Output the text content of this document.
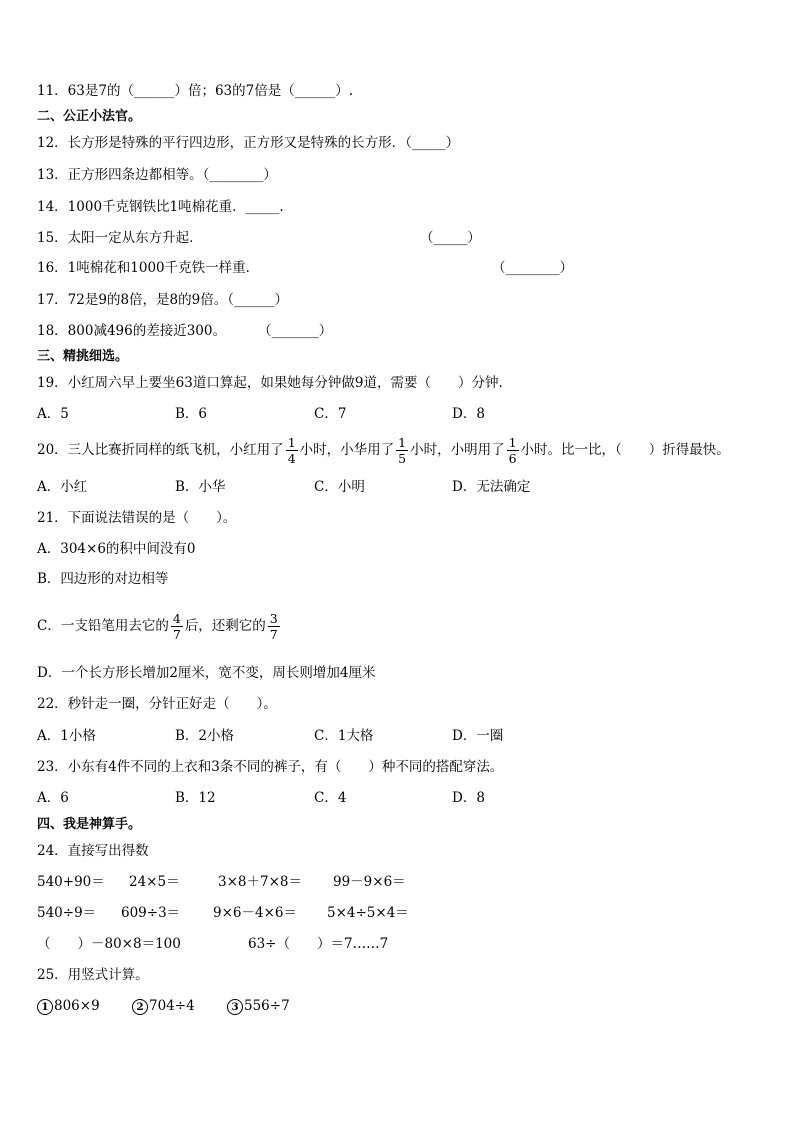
11．63是7的（______）倍；63的7倍是（______）.
二、公正小法官。
12．长方形是特殊的平行四边形，正方形又是特殊的长方形．（_____）
13．正方形四条边都相等。（________）
14．1000千克钢铁比1吨棉花重．_____.
15．太阳一定从东方升起．	（_____）
16．1吨棉花和1000千克铁一样重．	（________）
17．72是9的8倍，是8的9倍。（______）
18．800减496的差接近300。 （_______）
三、精挑细选。
19．小红周六早上要坐63道口算起，如果她每分钟做9道，需要（　　）分钟．
A．5	B．6	C．7	D．8
20．三人比赛折同样的纸飞机，小红用了 $\frac{1}{4}$ 小时，小华用了 $\frac{1}{5}$ 小时，小明用了 $\frac{1}{6}$ 小时。比一比，（　　）折得最快。
A．小红	B．小华	C．小明	D．无法确定
21．下面说法错误的是（　　）。
A．304×6的积中间没有0
B．四边形的对边相等
C．一支铅笔用去它的 $\frac{4}{7}$ 后，还剩它的 $\frac{3}{7}$
D．一个长方形长增加2厘米，宽不变，周长则增加4厘米
22．秒针走一圈，分针正好走（　　）。
A．1小格	B．2小格	C．1大格	D．一圈
23．小东有4件不同的上衣和3条不同的裤子，有（　　）种不同的搭配穿法。
A．6	B．12	C．4	D．8
四、我是神算手。
24．直接写出得数
540+90＝ 24×5＝	3×8＋7×8＝ 99－9×6＝
540÷9＝ 609÷3＝ 9×6－4×6＝ 5×4÷5×4＝
（　　）－80×8＝100	63÷（　　）＝7……7
25．用竖式计算。
1 806×9	2 704÷4	3 556÷7
